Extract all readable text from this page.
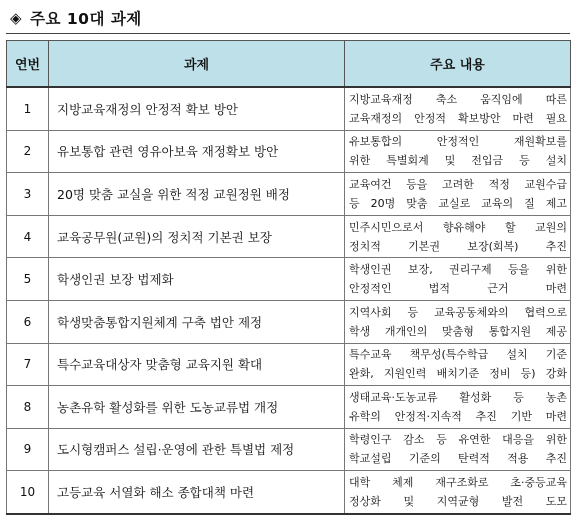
◈ 주요 10대 과제
연번	과제	주요 내용
1	지방교육재정의 안정적 확보 방안	지방교육재정 축소 움직임에 따른
교육재정의 안정적 확보방안 마련 필요

2	유보통합 관련 영유아보육 재정확보 방안	유보통합의 안정적인 재원확보를
위한 특별회계 및 전입금 등 설치

3	20명 맞춤 교실을 위한 적정 교원정원 배정	교육여건 등을 고려한 적정 교원수급
등 20명 맞춤 교실로 교육의 질 제고

4	교육공무원(교원)의 정치적 기본권 보장	민주시민으로서 향유해야 할 교원의
정치적 기본권 보장(회복) 추진

5	학생인권 보장 법제화	학생인권 보장, 권리구제 등을 위한
안정적인 법적 근거 마련

6	학생맞춤통합지원체계 구축 법안 제정	지역사회 등 교육공동체와의 협력으로
학생 개개인의 맞춤형 통합지원 제공

7	특수교육대상자 맞춤형 교육지원 확대	특수교육 책무성(특수학급 설치 기준
완화, 지원인력 배치기준 정비 등) 강화

8	농촌유학 활성화를 위한 도농교류법 개정	생태교육·도농교류 활성화 등 농촌
유학의 안정적·지속적 추진 기반 마련

9	도시형캠퍼스 설립·운영에 관한 특별법 제정	학령인구 감소 등 유연한 대응을 위한
학교설립 기준의 탄력적 적용 추진

10	고등교육 서열화 해소 종합대책 마련	대학 체제 재구조화로 초·중등교육
정상화 및 지역균형 발전 도모
